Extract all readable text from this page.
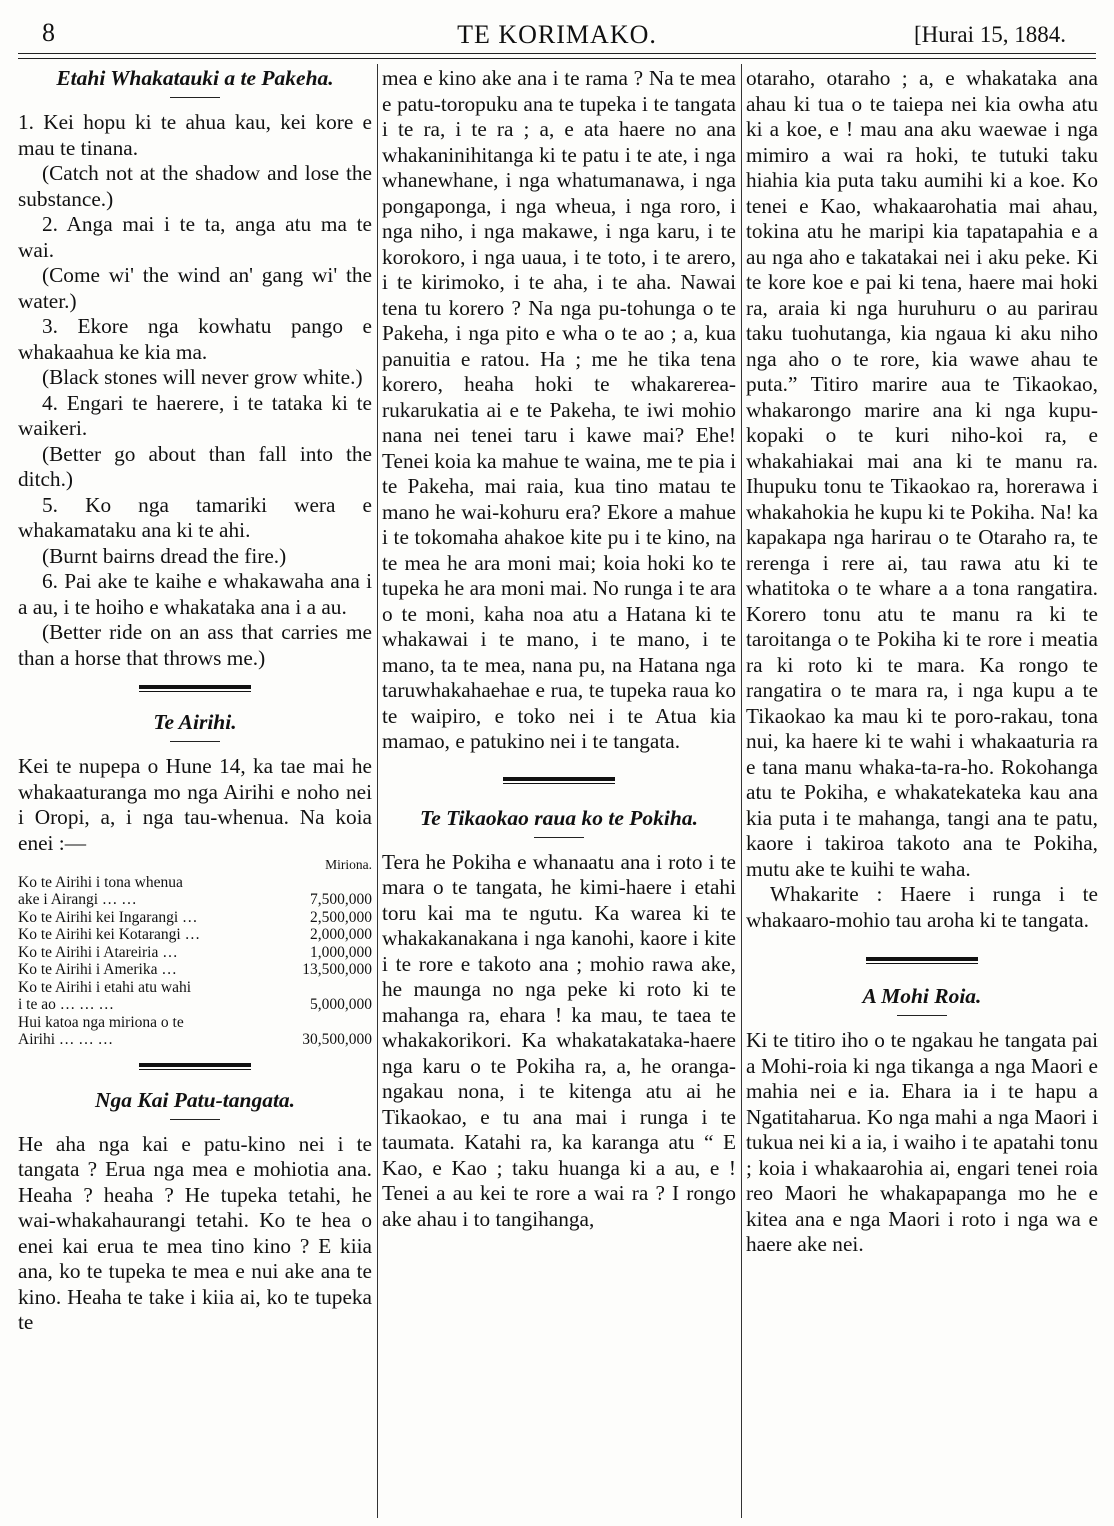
8	TE KORIMAKO.	[Hurai 15, 1884.
Etahi Whakatauki a te Pakeha.

1. Kei hopu ki te ahua kau, kei kore e mau te tinana.

(Catch not at the shadow and lose the substance.)

2. Anga mai i te ta, anga atu ma te wai.

(Come wi' the wind an' gang wi' the water.)

3. Ekore nga kowhatu pango e whakaahua ke kia ma.

(Black stones will never grow white.)

4. Engari te haerere, i te tataka ki te waikeri.

(Better go about than fall into the ditch.)

5. Ko nga tamariki wera e whakamataku ana ki te ahi.

(Burnt bairns dread the fire.)

6. Pai ake te kaihe e whakawaha ana i a au, i te hoiho e whakataka ana i a au.

(Better ride on an ass that carries me than a horse that throws me.)

Te Airihi.

Kei te nupepa o Hune 14, ka tae mai he whakaaturanga mo nga Airihi e noho nei i Oropi, a, i nga tau-whenua. Na koia enei :—

	Miriona.
Ko te Airihi i tona whenua	
ake i Airangi … …	7,500,000
Ko te Airihi kei Ingarangi …	2,500,000
Ko te Airihi kei Kotarangi …	2,000,000
Ko te Airihi i Atareiria …	1,000,000
Ko te Airihi i Amerika …	13,500,000
Ko te Airihi i etahi atu wahi	
i te ao … … …	5,000,000
Hui katoa nga miriona o te	
Airihi … … …	30,500,000
Nga Kai Patu-tangata.

He aha nga kai e patu-kino nei i te tangata ? Erua nga mea e mohiotia ana. Heaha ? heaha ? He tupeka tetahi, he wai-whakahaurangi tetahi. Ko te hea o enei kai erua te mea tino kino ? E kiia ana, ko te tupeka te mea e nui ake ana te kino. Heaha te take i kiia ai, ko te tupeka te

mea e kino ake ana i te rama ? Na te mea e patu-toropuku ana te tupeka i te tangata i te ra, i te ra ; a, e ata haere no ana whakaninihitanga ki te patu i te ate, i nga whanewhane, i nga whatumanawa, i nga pongaponga, i nga wheua, i nga roro, i nga niho, i nga makawe, i nga karu, i te korokoro, i nga uaua, i te toto, i te arero, i te kirimoko, i te aha, i te aha. Nawai tena tu korero ? Na nga pu-tohunga o te Pakeha, i nga pito e wha o te ao ; a, kua panuitia e ratou. Ha ; me he tika tena korero, heaha hoki te whakarerea-rukarukatia ai e te Pakeha, te iwi mohio nana nei tenei taru i kawe mai? Ehe! Tenei koia ka mahue te waina, me te pia i te Pakeha, mai raia, kua tino matau te mano he wai-kohuru era? Ekore a mahue i te tokomaha ahakoe kite pu i te kino, na te mea he ara moni mai; koia hoki ko te tupeka he ara moni mai. No runga i te ara o te moni, kaha noa atu a Hatana ki te whakawai i te mano, i te mano, i te mano, ta te mea, nana pu, na Hatana nga taruwhakahaehae e rua, te tupeka raua ko te waipiro, e toko nei i te Atua kia mamao, e patukino nei i te tangata.

Te Tikaokao raua ko te Pokiha.

Tera he Pokiha e whanaatu ana i roto i te mara o te tangata, he kimi-haere i etahi toru kai ma te ngutu. Ka warea ki te whakakanakana i nga kanohi, kaore i kite i te rore e takoto ana ; mohio rawa ake, he maunga no nga peke ki roto ki te mahanga ra, ehara ! ka mau, te taea te whakakorikori. Ka whakatakataka-haere nga karu o te Pokiha ra, a, he oranga-ngakau nona, i te kitenga atu ai he Tikaokao, e tu ana mai i runga i te taumata. Katahi ra, ka karanga atu “ E Kao, e Kao ; taku huanga ki a au, e ! Tenei a au kei te rore a wai ra ? I rongo ake ahau i to tangihanga,

otaraho, otaraho ; a, e whakataka ana ahau ki tua o te taiepa nei kia owha atu ki a koe, e ! mau ana aku waewae i nga mimiro a wai ra hoki, te tutuki taku hiahia kia puta taku aumihi ki a koe. Ko tenei e Kao, whakaarohatia mai ahau, tokina atu he maripi kia tapatapahia e a au nga aho e takatakai nei i aku peke. Ki te kore koe e pai ki tena, haere mai hoki ra, araia ki nga huruhuru o au parirau taku tuohutanga, kia ngaua ki aku niho nga aho o te rore, kia wawe ahau te puta.” Titiro marire aua te Tikaokao, whakarongo marire ana ki nga kupu-kopaki o te kuri niho-koi ra, e whakahiakai mai ana ki te manu ra. Ihupuku tonu te Tikaokao ra, horerawa i whakahokia he kupu ki te Pokiha. Na! ka kapakapa nga harirau o te Otaraho ra, te rerenga i rere ai, tau rawa atu ki te whatitoka o te whare a a tona rangatira. Korero tonu atu te manu ra ki te taroitanga o te Pokiha ki te rore i meatia ra ki roto ki te mara. Ka rongo te rangatira o te mara ra, i nga kupu a te Tikaokao ka mau ki te poro-rakau, tona nui, ka haere ki te wahi i whakaaturia ra e tana manu whaka-ta-ra-ho. Rokohanga atu te Pokiha, e whakatekateka kau ana kia puta i te mahanga, tangi ana te patu, kaore i takiroa takoto ana te Pokiha, mutu ake te kuihi te waha.

Whakarite : Haere i runga i te whakaaro-mohio tau aroha ki te tangata.

A Mohi Roia.

Ki te titiro iho o te ngakau he tangata pai a Mohi-roia ki nga tikanga a nga Maori e mahia nei e ia. Ehara ia i te hapu a Ngatitaharua. Ko nga mahi a nga Maori i tukua nei ki a ia, i waiho i te apatahi tonu ; koia i whakaarohia ai, engari tenei roia reo Maori he whakapapanga mo he e kitea ana e nga Maori i roto i nga wa e haere ake nei.
